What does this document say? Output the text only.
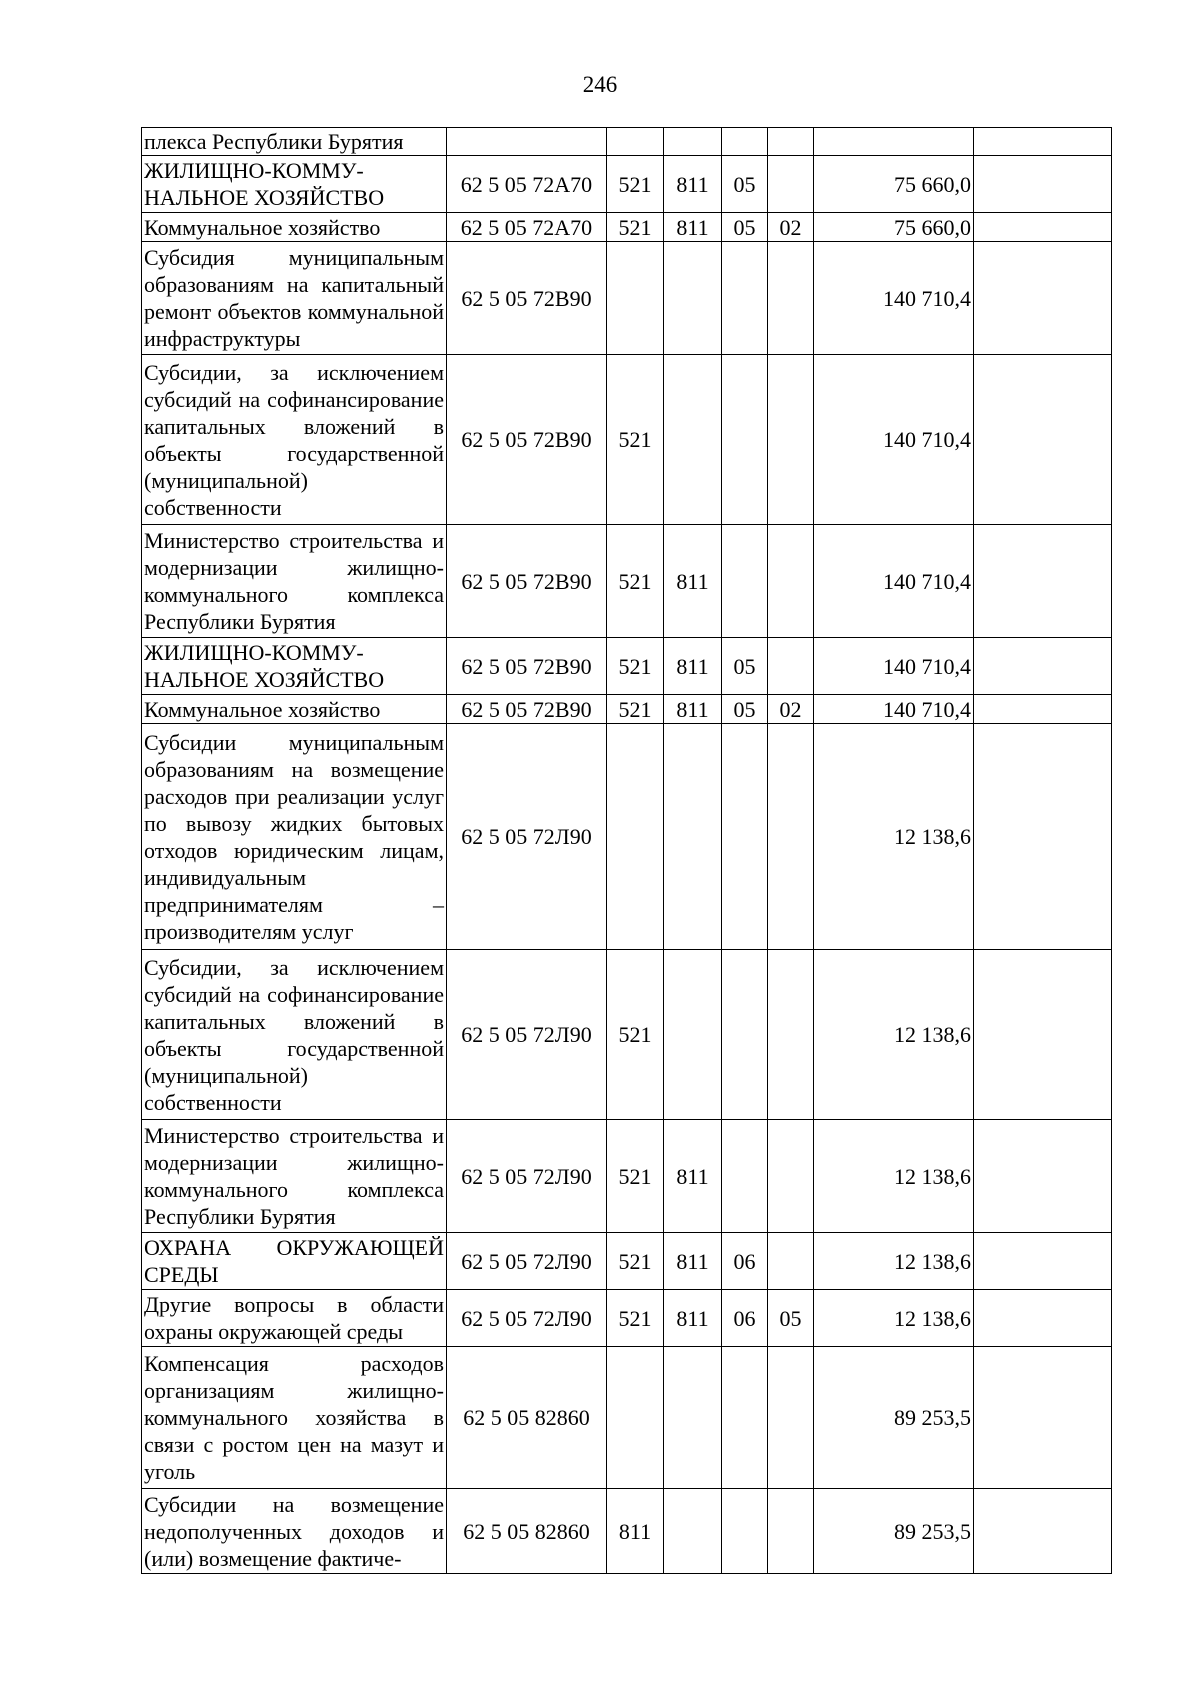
246
плекса Республики Бурятия							
ЖИЛИЩНО-КОММУ-НАЛЬНОЕ ХОЗЯЙСТВО	62 5 05 72А70	521	811	05		75 660,0	
Коммунальное хозяйство	62 5 05 72А70	521	811	05	02	75 660,0	
Субсидия муниципальным образованиям на капитальный ремонт объектов коммунальной инфраструктуры	62 5 05 72В90					140 710,4	
Субсидии, за исключением субсидий на софинансирование капитальных вложений в объекты государственной (муниципальной) собственности	62 5 05 72В90	521				140 710,4	
Министерство строительства и модернизации жилищно-коммунального комплекса Республики Бурятия	62 5 05 72В90	521	811			140 710,4	
ЖИЛИЩНО-КОММУ-НАЛЬНОЕ ХОЗЯЙСТВО	62 5 05 72В90	521	811	05		140 710,4	
Коммунальное хозяйство	62 5 05 72В90	521	811	05	02	140 710,4	
Субсидии муниципальным образованиям на возмещение расходов при реализации услуг по вывозу жидких бытовых отходов юридическим лицам, индивидуальным предпринимателям – производителям услуг	62 5 05 72Л90					12 138,6	
Субсидии, за исключением субсидий на софинансирование капитальных вложений в объекты государственной (муниципальной) собственности	62 5 05 72Л90	521				12 138,6	
Министерство строительства и модернизации жилищно-коммунального комплекса Республики Бурятия	62 5 05 72Л90	521	811			12 138,6	
ОХРАНА ОКРУЖАЮЩЕЙ СРЕДЫ	62 5 05 72Л90	521	811	06		12 138,6	
Другие вопросы в области охраны окружающей среды	62 5 05 72Л90	521	811	06	05	12 138,6	
Компенсация расходов организациям жилищно-коммунального хозяйства в связи с ростом цен на мазут и уголь	62 5 05 82860					89 253,5	
Субсидии на возмещение недополученных доходов и (или) возмещение фактиче-	62 5 05 82860	811				89 253,5	
